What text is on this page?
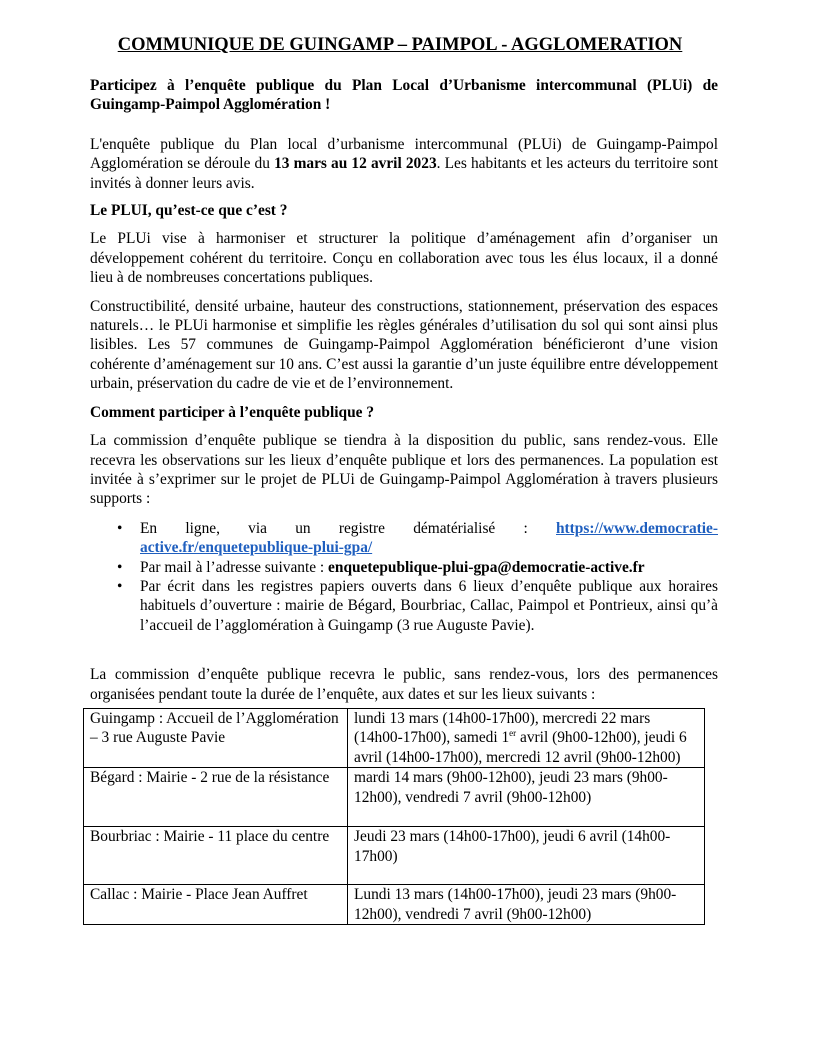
COMMUNIQUE DE GUINGAMP – PAIMPOL - AGGLOMERATION
Participez à l’enquête publique du Plan Local d’Urbanisme intercommunal (PLUi) de Guingamp-Paimpol Agglomération !

L'enquête publique du Plan local d’urbanisme intercommunal (PLUi) de Guingamp-Paimpol Agglomération se déroule du 13 mars au 12 avril 2023. Les habitants et les acteurs du territoire sont invités à donner leurs avis.

Le PLUI, qu’est-ce que c’est ?

Le PLUi vise à harmoniser et structurer la politique d’aménagement afin d’organiser un développement cohérent du territoire. Conçu en collaboration avec tous les élus locaux, il a donné lieu à de nombreuses concertations publiques.

Constructibilité, densité urbaine, hauteur des constructions, stationnement, préservation des espaces naturels… le PLUi harmonise et simplifie les règles générales d’utilisation du sol qui sont ainsi plus lisibles. Les 57 communes de Guingamp-Paimpol Agglomération bénéficieront d’une vision cohérente d’aménagement sur 10 ans. C’est aussi la garantie d’un juste équilibre entre développement urbain, préservation du cadre de vie et de l’environnement.

Comment participer à l’enquête publique ?

La commission d’enquête publique se tiendra à la disposition du public, sans rendez-vous. Elle recevra les observations sur les lieux d’enquête publique et lors des permanences. La population est invitée à s’exprimer sur le projet de PLUi de Guingamp-Paimpol Agglomération à travers plusieurs supports :

• En ligne, via un registre dématérialisé : https://www.democratie-active.fr/enquetepublique-plui-gpa/
• Par mail à l’adresse suivante : enquetepublique-plui-gpa@democratie-active.fr
• Par écrit dans les registres papiers ouverts dans 6 lieux d’enquête publique aux horaires habituels d’ouverture : mairie de Bégard, Bourbriac, Callac, Paimpol et Pontrieux, ainsi qu’à l’accueil de l’agglomération à Guingamp (3 rue Auguste Pavie).

La commission d’enquête publique recevra le public, sans rendez-vous, lors des permanences organisées pendant toute la durée de l’enquête, aux dates et sur les lieux suivants :

Guingamp : Accueil de l’Agglomération – 3 rue Auguste Pavie	lundi 13 mars (14h00-17h00), mercredi 22 mars (14h00-17h00), samedi 1er avril (9h00-12h00), jeudi 6 avril (14h00-17h00), mercredi 12 avril (9h00-12h00)
Bégard : Mairie - 2 rue de la résistance	mardi 14 mars (9h00-12h00), jeudi 23 mars (9h00-12h00), vendredi 7 avril (9h00-12h00)
Bourbriac : Mairie - 11 place du centre	Jeudi 23 mars (14h00-17h00), jeudi 6 avril (14h00-17h00)
Callac : Mairie - Place Jean Auffret	Lundi 13 mars (14h00-17h00), jeudi 23 mars (9h00-12h00), vendredi 7 avril (9h00-12h00)
